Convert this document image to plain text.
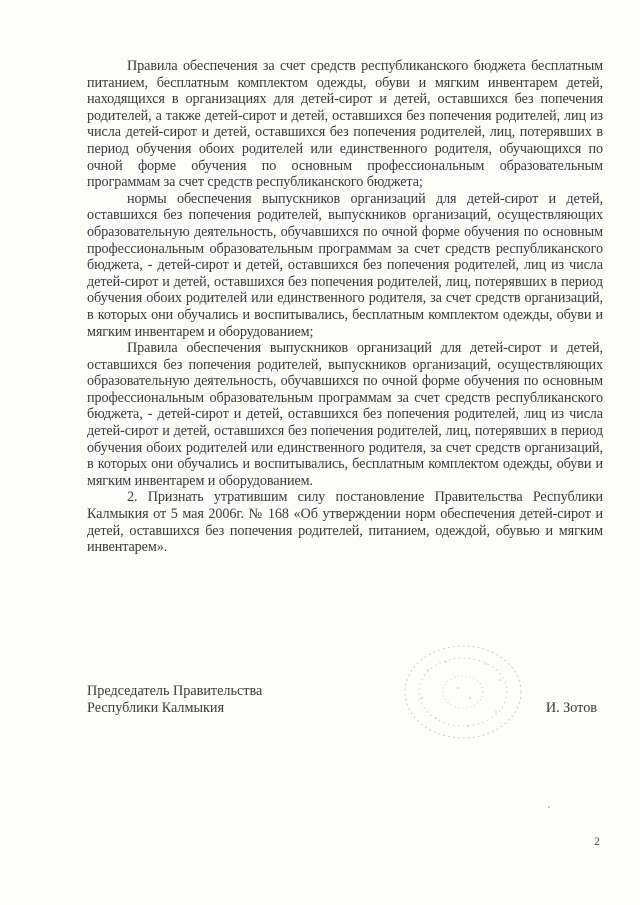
Правила обеспечения за счет средств республиканского бюджета бесплатным питанием, бесплатным комплектом одежды, обуви и мягким инвентарем детей, находящихся в организациях для детей-сирот и детей, оставшихся без попечения родителей, а также детей-сирот и детей, оставшихся без попечения родителей, лиц из числа детей-сирот и детей, оставшихся без попечения родителей, лиц, потерявших в период обучения обоих родителей или единственного родителя, обучающихся по очной форме обучения по основным профессиональным образовательным программам за счет средств республиканского бюджета;

нормы обеспечения выпускников организаций для детей-сирот и детей, оставшихся без попечения родителей, выпускников организаций, осуществляющих образовательную деятельность, обучавшихся по очной форме обучения по основным профессиональным образовательным программам за счет средств республиканского бюджета, - детей-сирот и детей, оставшихся без попечения родителей, лиц из числа детей-сирот и детей, оставшихся без попечения родителей, лиц, потерявших в период обучения обоих родителей или единственного родителя, за счет средств организаций, в которых они обучались и воспитывались, бесплатным комплектом одежды, обуви и мягким инвентарем и оборудованием;

Правила обеспечения выпускников организаций для детей-сирот и детей, оставшихся без попечения родителей, выпускников организаций, осуществляющих образовательную деятельность, обучавшихся по очной форме обучения по основным профессиональным образовательным программам за счет средств республиканского бюджета, - детей-сирот и детей, оставшихся без попечения родителей, лиц из числа детей-сирот и детей, оставшихся без попечения родителей, лиц, потерявших в период обучения обоих родителей или единственного родителя, за счет средств организаций, в которых они обучались и воспитывались, бесплатным комплектом одежды, обуви и мягким инвентарем и оборудованием.

2. Признать утратившим силу постановление Правительства Республики Калмыкия от 5 мая 2006г. № 168 «Об утверждении норм обеспечения детей-сирот и детей, оставшихся без попечения родителей, питанием, одеждой, обувью и мягким инвентарем».

Председатель Правительства

Республики Калмыкия	И. Зотов

2
